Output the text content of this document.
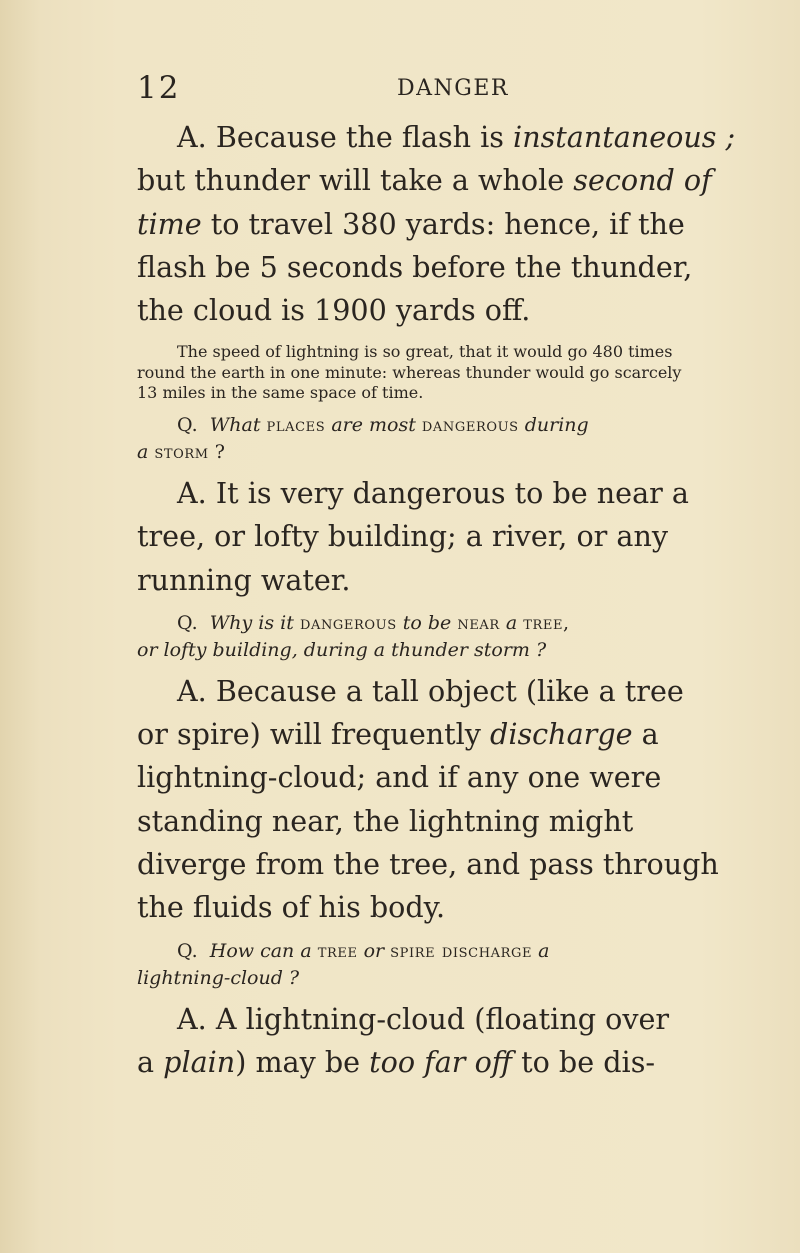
12	DANGER

A. Because the flash is instantaneous ;
but thunder will take a whole second of
time to travel 380 yards: hence, if the
flash be 5 seconds before the thunder,
the cloud is 1900 yards off.

The speed of lightning is so great, that it would go 480 times
round the earth in one minute: whereas thunder would go scarcely
13 miles in the same space of time.

Q. What places are most dangerous during
a storm ?

A. It is very dangerous to be near a
tree, or lofty building; a river, or any
running water.

Q. Why is it dangerous to be near a tree,
or lofty building, during a thunder storm ?

A. Because a tall object (like a tree
or spire) will frequently discharge a
lightning-cloud; and if any one were
standing near, the lightning might
diverge from the tree, and pass through
the fluids of his body.

Q. How can a tree or spire discharge a
lightning-cloud ?

A. A lightning-cloud (floating over
a plain) may be too far off to be dis-
